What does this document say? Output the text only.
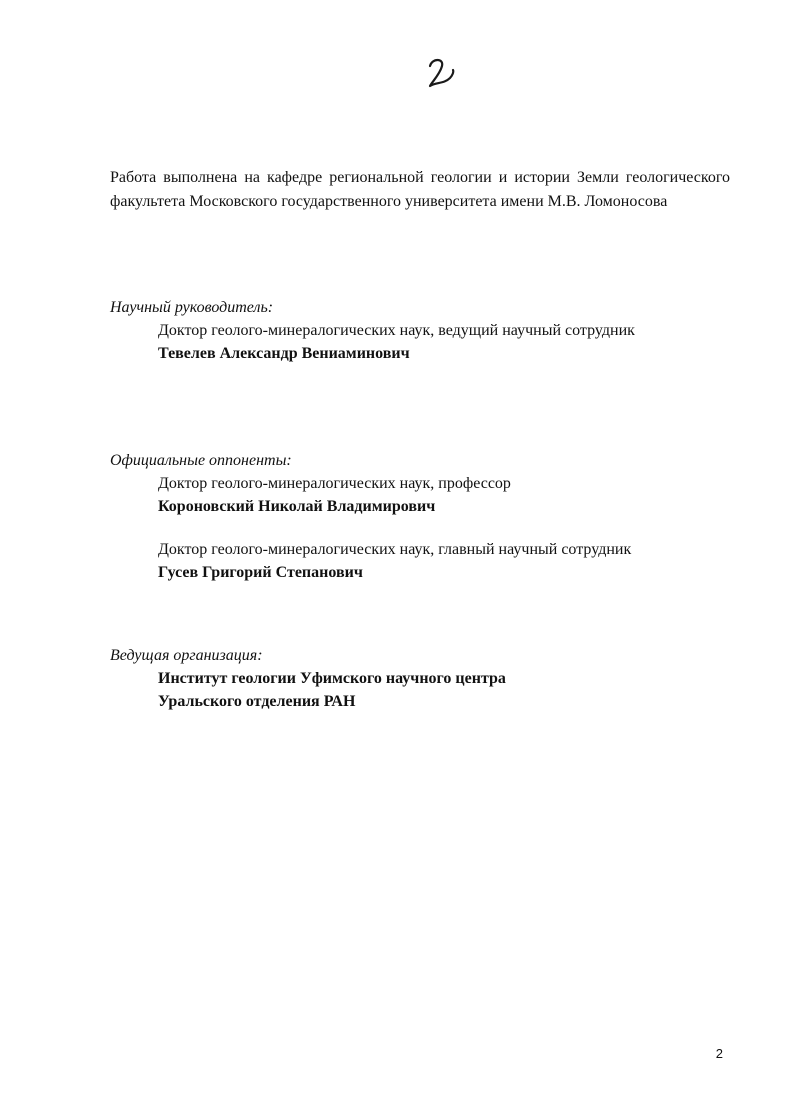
Работа выполнена на кафедре региональной геологии и истории Земли геологического
факультета Московского государственного университета имени М.В. Ломоносова
Научный руководитель:
Доктор геолого-минералогических наук, ведущий научный сотрудник
Тевелев Александр Вениаминович
Официальные оппоненты:
Доктор геолого-минералогических наук, профессор
Короновский Николай Владимирович
Доктор геолого-минералогических наук, главный научный сотрудник
Гусев Григорий Степанович
Ведущая организация:
Институт геологии Уфимского научного центра
Уральского отделения РАН
2
